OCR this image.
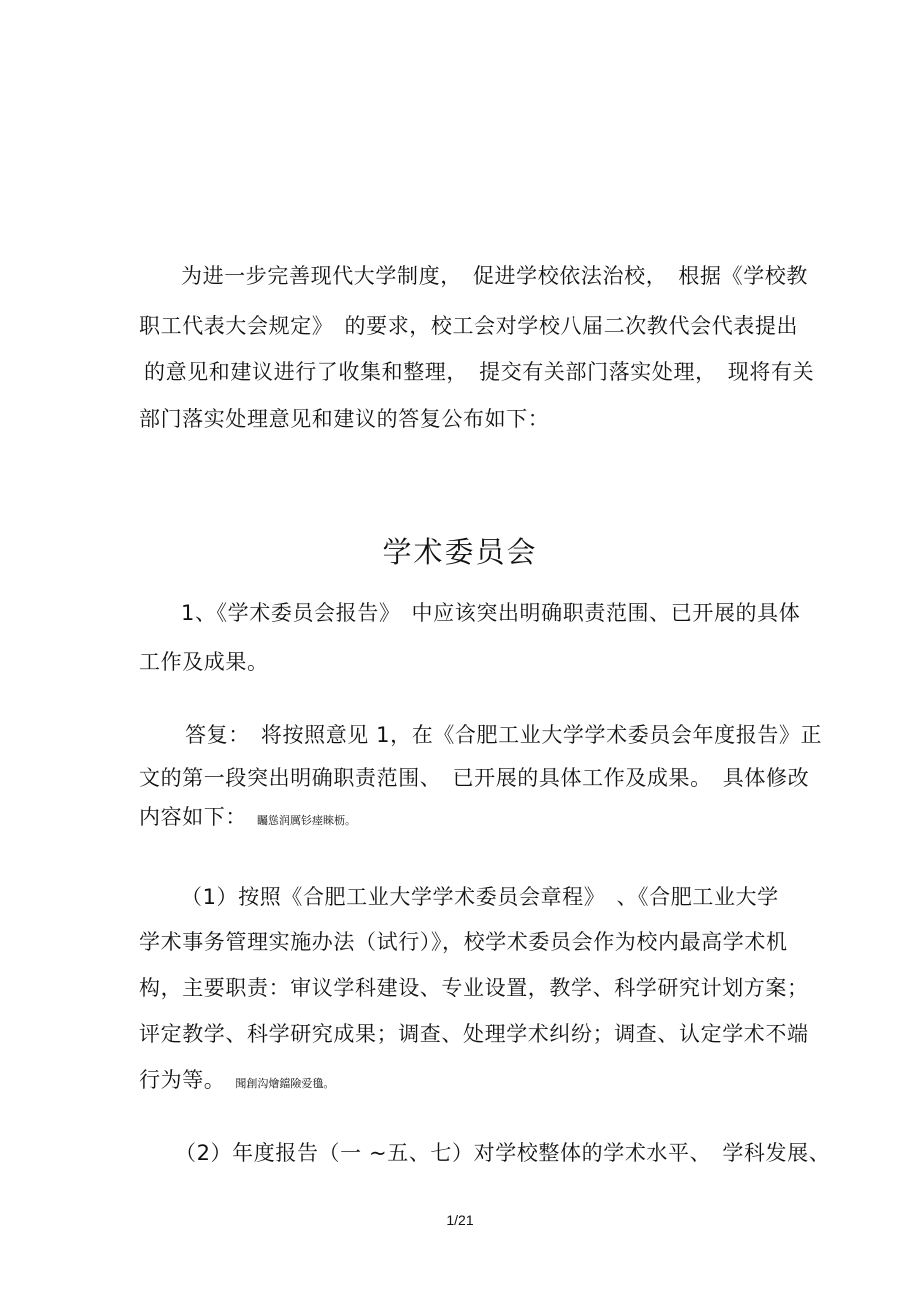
为进一步完善现代大学制度，　促进学校依法治校，　根据《学校教
职工代表大会规定》　的要求，校工会对学校八届二次教代会代表提出
的意见和建议进行了收集和整理，　提交有关部门落实处理，　现将有关
部门落实处理意见和建议的答复公布如下：
学术委员会
1、《学术委员会报告》　中应该突出明确职责范围、已开展的具体
工作及成果。
答复：　将按照意见 1，在《合肥工业大学学术委员会年度报告》正
文的第一段突出明确职责范围、　已开展的具体工作及成果。　具体修改
内容如下： 矚慫润厲钐瘗睞枥。
（1）按照《合肥工业大学学术委员会章程》　、《合肥工业大学
学术事务管理实施办法（试行）》，校学术委员会作为校内最高学术机
构，主要职责：审议学科建设、专业设置，教学、科学研究计划方案；
评定教学、科学研究成果；调查、处理学术纠纷；调查、认定学术不端
行为等。 聞創沟燴鐺險爱氇。
（2）年度报告（一 ~五、七）对学校整体的学术水平、　学科发展、
1/21
